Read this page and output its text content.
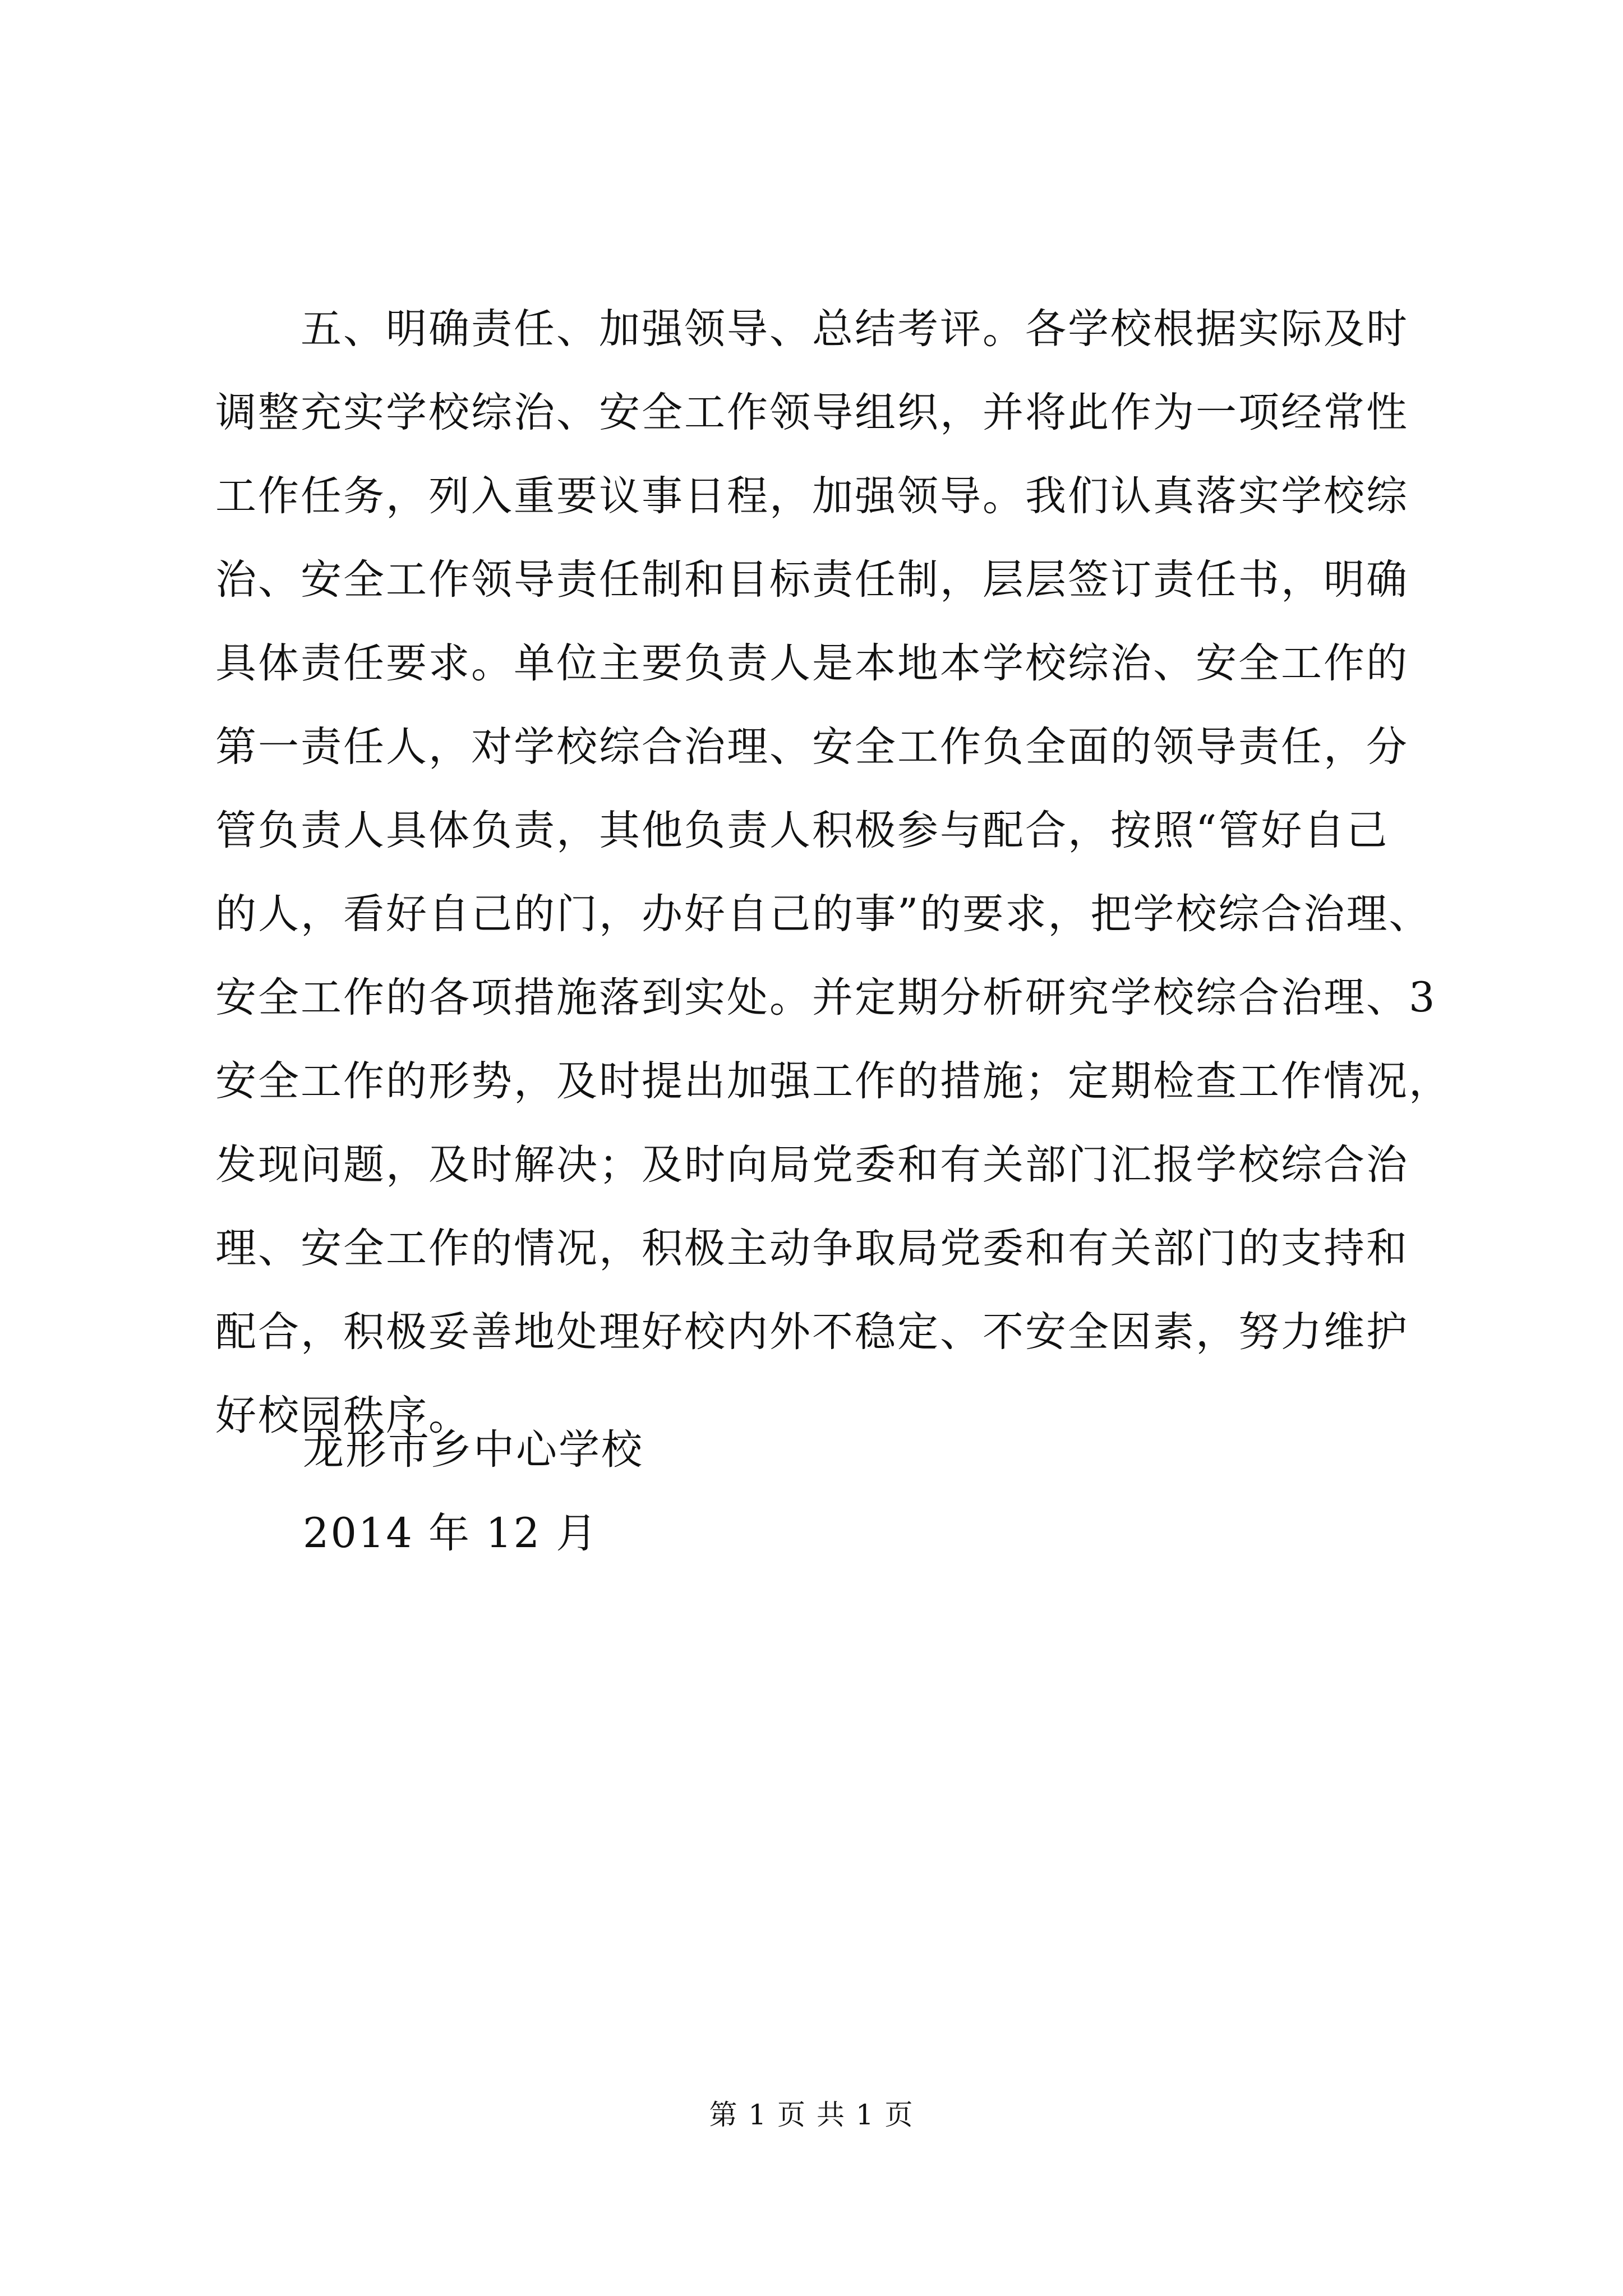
　　五、明确责任、加强领导、总结考评。各学校根据实际及时
调整充实学校综治、安全工作领导组织，并将此作为一项经常性
工作任务，列入重要议事日程，加强领导。我们认真落实学校综
治、安全工作领导责任制和目标责任制，层层签订责任书，明确
具体责任要求。单位主要负责人是本地本学校综治、安全工作的
第一责任人，对学校综合治理、安全工作负全面的领导责任，分
管负责人具体负责，其他负责人积极参与配合，按照“管好自己
的人，看好自己的门，办好自己的事”的要求，把学校综合治理、
安全工作的各项措施落到实处。并定期分析研究学校综合治理、3
安全工作的形势，及时提出加强工作的措施；定期检查工作情况，
发现问题，及时解决；及时向局党委和有关部门汇报学校综合治
理、安全工作的情况，积极主动争取局党委和有关部门的支持和
配合，积极妥善地处理好校内外不稳定、不安全因素，努力维护
好校园秩序。
龙形市乡中心学校
2014 年 12 月
第 1 页 共 1 页
